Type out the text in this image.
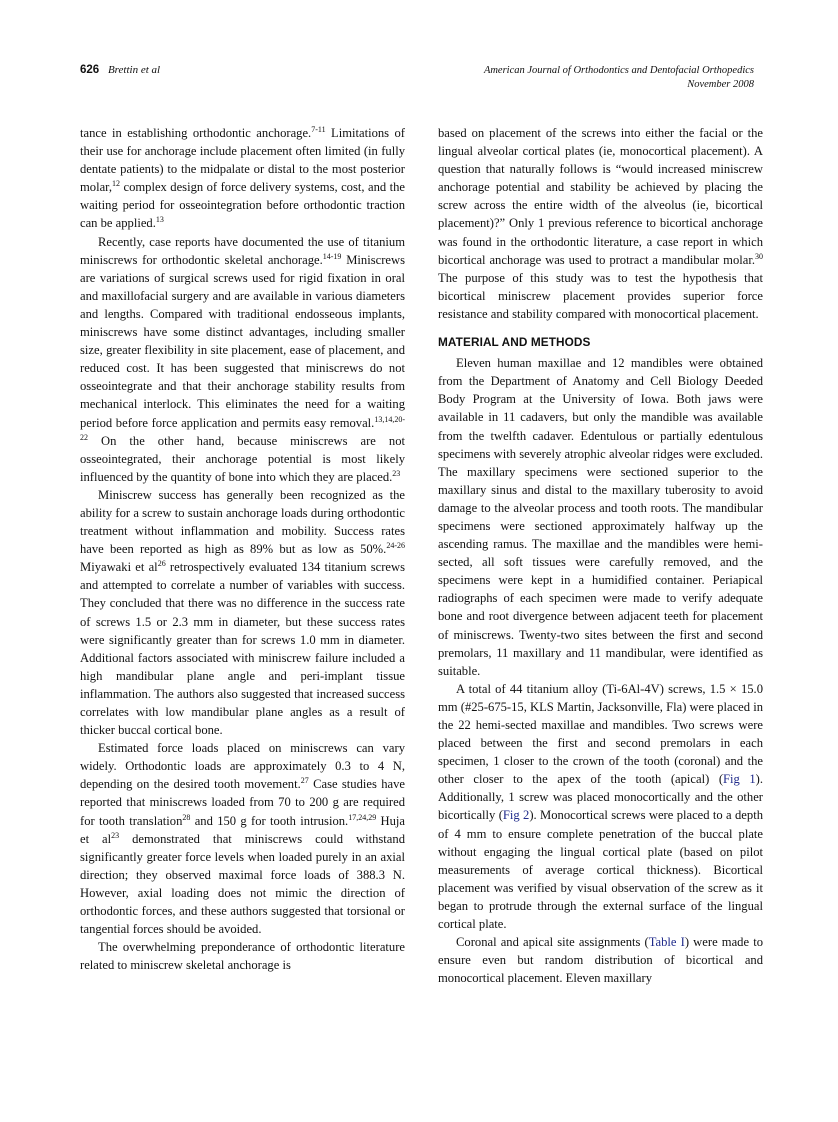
626 Brettin et al	American Journal of Orthodontics and Dentofacial Orthopedics
November 2008

tance in establishing orthodontic anchorage.$^{7-11}$ Limitations of their use for anchorage include placement often limited (in fully dentate patients) to the midpalate or distal to the most posterior molar,$^{12}$ complex design of force delivery systems, cost, and the waiting period for osseointegration before orthodontic traction can be applied.$^{13}$

Recently, case reports have documented the use of titanium miniscrews for orthodontic skeletal anchorage.$^{14-19}$ Miniscrews are variations of surgical screws used for rigid fixation in oral and maxillofacial surgery and are available in various diameters and lengths. Compared with traditional endosseous implants, miniscrews have some distinct advantages, including smaller size, greater flexibility in site placement, ease of placement, and reduced cost. It has been suggested that miniscrews do not osseointegrate and that their anchorage stability results from mechanical interlock. This eliminates the need for a waiting period before force application and permits easy removal.$^{13,14,20-22}$ On the other hand, because miniscrews are not osseointegrated, their anchorage potential is most likely influenced by the quantity of bone into which they are placed.$^{23}$

Miniscrew success has generally been recognized as the ability for a screw to sustain anchorage loads during orthodontic treatment without inflammation and mobility. Success rates have been reported as high as 89% but as low as 50%.$^{24-26}$ Miyawaki et $al^{26}$ retrospectively evaluated 134 titanium screws and attempted to correlate a number of variables with success. They concluded that there was no difference in the success rate of screws 1.5 or 2.3 mm in diameter, but these success rates were significantly greater than for screws 1.0 mm in diameter. Additional factors associated with miniscrew failure included a high mandibular plane angle and peri-implant tissue inflammation. The authors also suggested that increased success correlates with low mandibular plane angles as a result of thicker buccal cortical bone.

Estimated force loads placed on miniscrews can vary widely. Orthodontic loads are approximately 0.3 to 4 N, depending on the desired tooth movement.$^{27}$ Case studies have reported that miniscrews loaded from 70 to 200 g are required for tooth translation$^{28}$ and 150 g for tooth intrusion.$^{17,24,29}$ Huja et $al^{23}$ demonstrated that miniscrews could withstand significantly greater force levels when loaded purely in an axial direction; they observed maximal force loads of 388.3 N. However, axial loading does not mimic the direction of orthodontic forces, and these authors suggested that torsional or tangential forces should be avoided.

The overwhelming preponderance of orthodontic literature related to miniscrew skeletal anchorage is

based on placement of the screws into either the facial or the lingual alveolar cortical plates (ie, monocortical placement). A question that naturally follows is “would increased miniscrew anchorage potential and stability be achieved by placing the screw across the entire width of the alveolus (ie, bicortical placement)?” Only 1 previous reference to bicortical anchorage was found in the orthodontic literature, a case report in which bicortical anchorage was used to protract a mandibular molar.$^{30}$ The purpose of this study was to test the hypothesis that bicortical miniscrew placement provides superior force resistance and stability compared with monocortical placement.

MATERIAL AND METHODS

Eleven human maxillae and 12 mandibles were obtained from the Department of Anatomy and Cell Biology Deeded Body Program at the University of Iowa. Both jaws were available in 11 cadavers, but only the mandible was available from the twelfth cadaver. Edentulous or partially edentulous specimens with severely atrophic alveolar ridges were excluded. The maxillary specimens were sectioned superior to the maxillary sinus and distal to the maxillary tuberosity to avoid damage to the alveolar process and tooth roots. The mandibular specimens were sectioned approximately halfway up the ascending ramus. The maxillae and the mandibles were hemi-sected, all soft tissues were carefully removed, and the specimens were kept in a humidified container. Periapical radiographs of each specimen were made to verify adequate bone and root divergence between adjacent teeth for placement of miniscrews. Twenty-two sites between the first and second premolars, 11 maxillary and 11 mandibular, were identified as suitable.

A total of 44 titanium alloy (Ti-6Al-4V) screws, 1.5 × 15.0 mm (#25-675-15, KLS Martin, Jacksonville, Fla) were placed in the 22 hemi-sected maxillae and mandibles. Two screws were placed between the first and second premolars in each specimen, 1 closer to the crown of the tooth (coronal) and the other closer to the apex of the tooth (apical) (Fig 1). Additionally, 1 screw was placed monocortically and the other bicortically (Fig 2). Monocortical screws were placed to a depth of 4 mm to ensure complete penetration of the buccal plate without engaging the lingual cortical plate (based on pilot measurements of average cortical thickness). Bicortical placement was verified by visual observation of the screw as it began to protrude through the external surface of the lingual cortical plate.

Coronal and apical site assignments (Table I) were made to ensure even but random distribution of bicortical and monocortical placement. Eleven maxillary
